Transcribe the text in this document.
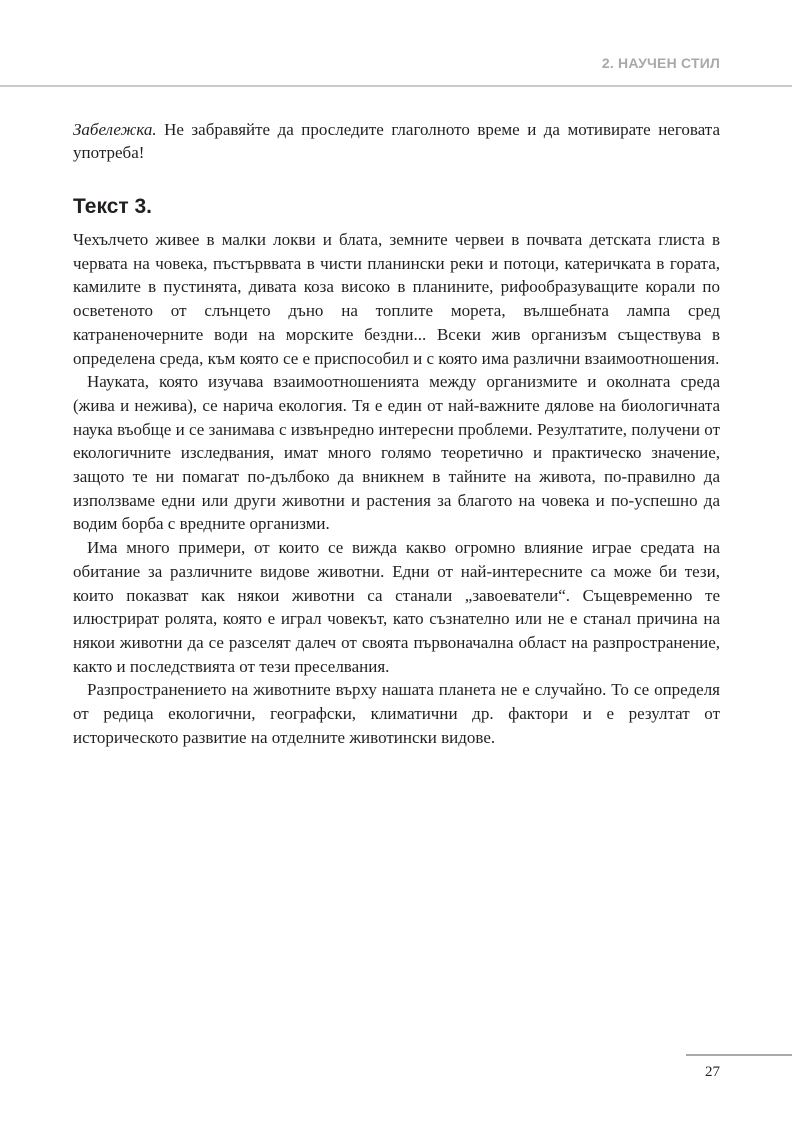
2. НАУЧЕН СТИЛ

Забележка. Не забравяйте да проследите глаголното време и да мотивирате неговата употреба!

Текст 3.

Чехълчето живее в малки локви и блата, земните червеи в почвата детската глиста в червата на човека, пъстърввата в чисти планински реки и потоци, катеричката в гората, камилите в пустинята, дивата коза високо в планините, рифообразуващите корали по осветеното от слънцето дъно на топлите морета, вълшебната лампа сред катраненочерните води на морските бездни... Всеки жив организъм съществува в определена среда, към която се е приспособил и с която има различни взаимоотношения.

Науката, която изучава взаимоотношенията между организмите и околната среда (жива и нежива), се нарича екология. Тя е един от най-важните дялове на биологичната наука въобще и се занимава с извънредно интересни проблеми. Резултатите, получени от екологичните изследвания, имат много голямо теоретично и практическо значение, защото те ни помагат по-дълбоко да вникнем в тайните на живота, по-правилно да използваме едни или други животни и растения за благото на човека и по-успешно да водим борба с вредните организми.

Има много примери, от които се вижда какво огромно влияние играе средата на обитание за различните видове животни. Едни от най-интересните са може би тези, които показват как някои животни са станали „завоеватели“. Същевременно те илюстрират ролята, която е играл човекът, като съзнателно или не е станал причина на някои животни да се разселят далеч от своята първоначална област на разпространение, както и последствията от тези преселвания.

Разпространението на животните върху нашата планета не е случайно. То се определя от редица екологични, географски, климатични др. фактори и е резултат от историческото развитие на отделните животински видове.

27
